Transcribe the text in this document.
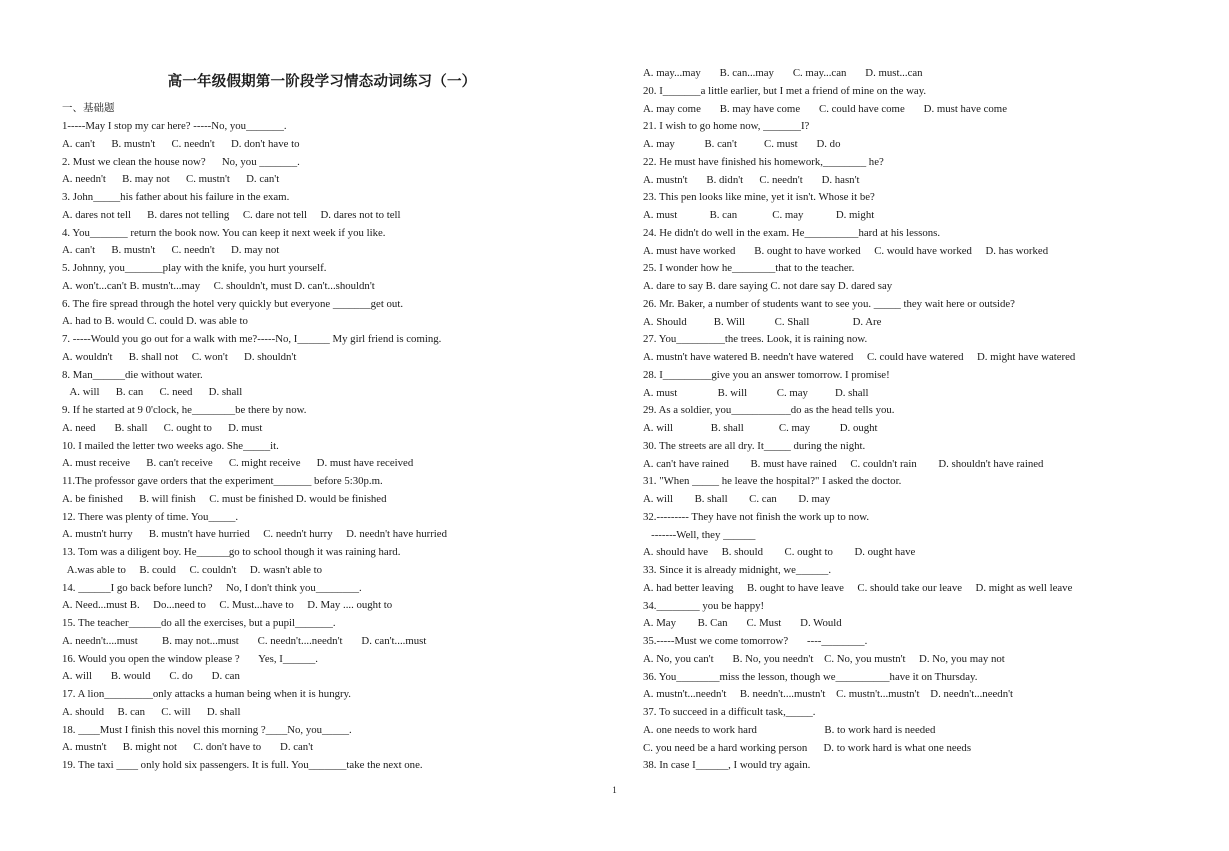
高一年级假期第一阶段学习情态动词练习（一）
一、基础题
1-----May I stop my car here? -----No, you_______.
A. can't      B. mustn't      C. needn't      D. don't have to
2. Must we clean the house now?      No, you _______.
A. needn't      B. may not      C. mustn't      D. can't
3. John_____his father about his failure in the exam.
A. dares not tell      B. dares not telling     C. dare not tell     D. dares not to tell
4. You_______ return the book now. You can keep it next week if you like.
A. can't      B. mustn't      C. needn't      D. may not
5. Johnny, you_______play with the knife, you hurt yourself.
A. won't...can't B. mustn't...may     C. shouldn't, must D. can't...shouldn't
6. The fire spread through the hotel very quickly but everyone _______get out.
A. had to B. would C. could D. was able to
7. -----Would you go out for a walk with me?-----No, I______ My girl friend is coming.
A. wouldn't      B. shall not     C. won't      D. shouldn't
8. Man______die without water.
A. will      B. can      C. need      D. shall
9. If he started at 9 0'clock, he________be there by now.
A. need       B. shall      C. ought to      D. must
10. I mailed the letter two weeks ago. She_____it.
A. must receive      B. can't receive      C. might receive      D. must have received
11.The professor gave orders that the experiment_______ before 5:30p.m.
A. be finished      B. will finish     C. must be finished D. would be finished
12. There was plenty of time. You_____.
A. mustn't hurry      B. mustn't have hurried     C. needn't hurry     D. needn't have hurried
13. Tom was a diligent boy. He______go to school though it was raining hard.
A.was able to     B. could     C. couldn't     D. wasn't able to
14. ______I go back before lunch?     No, I don't think you________.
A. Need...must B.     Do...need to     C. Must...have to     D. May .... ought to
15. The teacher______do all the exercises, but a pupil_______.
A. needn't....must         B. may not...must       C. needn't....needn't       D. can't....must
16. Would you open the window please ?       Yes, I______.
A. will       B. would       C. do       D. can
17. A lion_________only attacks a human being when it is hungry.
A. should     B. can      C. will      D. shall
18. ____Must I finish this novel this morning ?____No, you_____.
A. mustn't      B. might not      C. don't have to       D. can't
19. The taxi ____ only hold six passengers. It is full. You_______take the next one.
A. may...may       B. can...may       C. may...can       D. must...can
20. I_______a little earlier, but I met a friend of mine on the way.
A. may come       B. may have come       C. could have come       D. must have come
21. I wish to go home now, _______I?
A. may           B. can't          C. must       D. do
22. He must have finished his homework,________ he?
A. mustn't       B. didn't      C. needn't       D. hasn't
23. This pen looks like mine, yet it isn't. Whose it be?
A. must            B. can             C. may            D. might
24. He didn't do well in the exam. He__________hard at his lessons.
A. must have worked       B. ought to have worked     C. would have worked     D. has worked
25. I wonder how he________that to the teacher.
A. dare to say B. dare saying C. not dare say D. dared say
26. Mr. Baker, a number of students want to see you. _____ they wait here or outside?
A. Should          B. Will           C. Shall                D. Are
27. You_________the trees. Look, it is raining now.
A. mustn't have watered B. needn't have watered     C. could have watered     D. might have watered
28. I_________give you an answer tomorrow. I promise!
A. must               B. will           C. may          D. shall
29. As a soldier, you___________do as the head tells you.
A. will              B. shall             C. may           D. ought
30. The streets are all dry. It_____ during the night.
A. can't have rained        B. must have rained     C. couldn't rain        D. shouldn't have rained
31. "When _____ he leave the hospital?" I asked the doctor.
A. will        B. shall        C. can        D. may
32.--------- They have not finish the work up to now.
-------Well, they ______
A. should have     B. should        C. ought to        D. ought have
33. Since it is already midnight, we______.
A. had better leaving     B. ought to have leave     C. should take our leave     D. might as well leave
34.________ you be happy!
A. May        B. Can       C. Must       D. Would
35.-----Must we come tomorrow?       ----________.
A. No, you can't       B. No, you needn't    C. No, you mustn't     D. No, you may not
36. You________miss the lesson, though we__________have it on Thursday.
A. mustn't...needn't     B. needn't....mustn't    C. mustn't...mustn't    D. needn't...needn't
37. To succeed in a difficult task,_____.
A. one needs to work hard                         B. to work hard is needed
C. you need be a hard working person      D. to work hard is what one needs
38. In case I______, I would try again.
1
